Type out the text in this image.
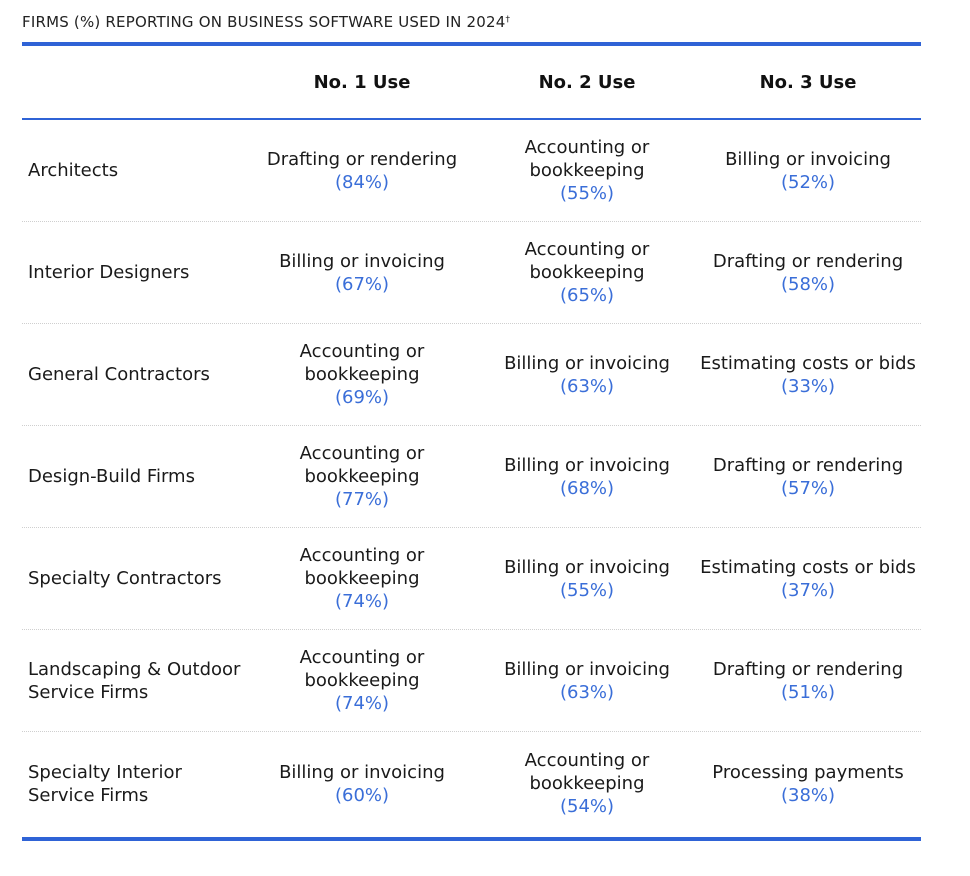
FIRMS (%) REPORTING ON BUSINESS SOFTWARE USED IN 2024†
No. 1 Use	No. 2 Use	No. 3 Use
Architects
Drafting or rendering
(84%)
Accounting or
bookkeeping
(55%)
Billing or invoicing
(52%)
Interior Designers
Billing or invoicing
(67%)
Accounting or
bookkeeping
(65%)
Drafting or rendering
(58%)
General Contractors
Accounting or
bookkeeping
(69%)
Billing or invoicing
(63%)
Estimating costs or bids
(33%)
Design-Build Firms
Accounting or
bookkeeping
(77%)
Billing or invoicing
(68%)
Drafting or rendering
(57%)
Specialty Contractors
Accounting or
bookkeeping
(74%)
Billing or invoicing
(55%)
Estimating costs or bids
(37%)
Landscaping & Outdoor
Service Firms
Accounting or
bookkeeping
(74%)
Billing or invoicing
(63%)
Drafting or rendering
(51%)
Specialty Interior
Service Firms
Billing or invoicing
(60%)
Accounting or
bookkeeping
(54%)
Processing payments
(38%)
